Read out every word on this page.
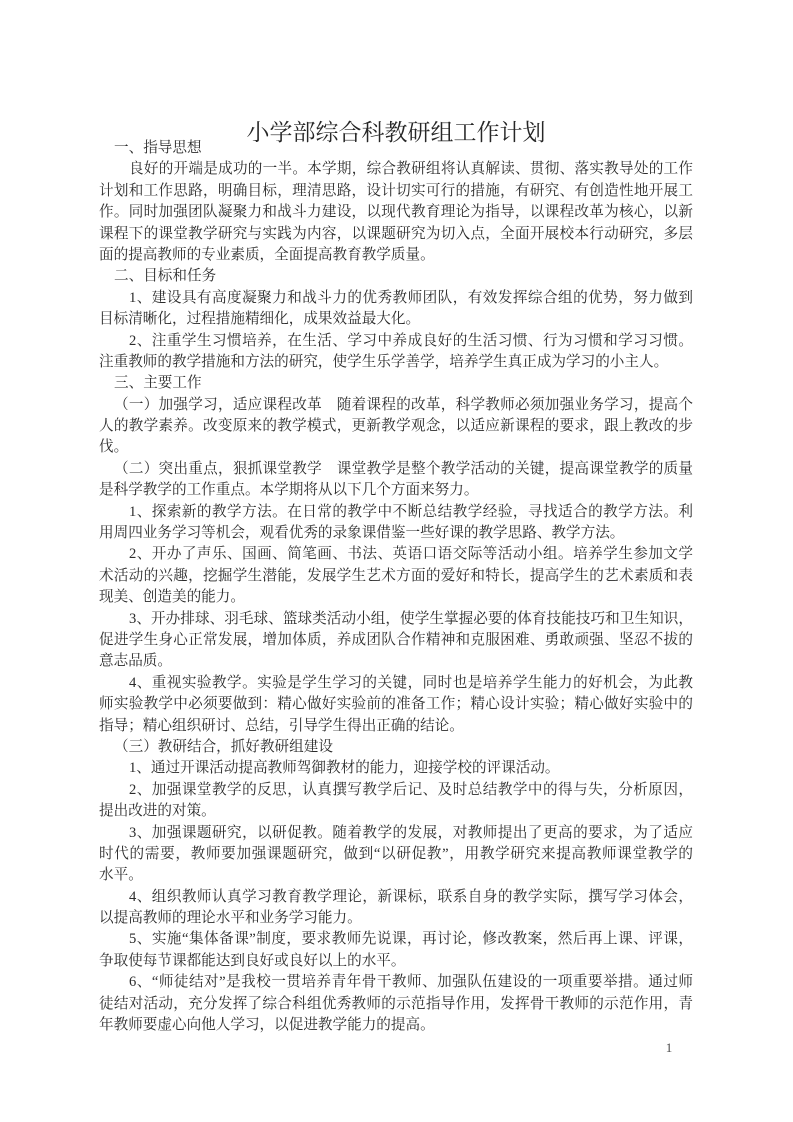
小学部综合科教研组工作计划
一、指导思想
良好的开端是成功的一半。本学期，综合教研组将认真解读、贯彻、落实教导处的工作
计划和工作思路，明确目标，理清思路，设计切实可行的措施，有研究、有创造性地开展工
作。同时加强团队凝聚力和战斗力建设，以现代教育理论为指导，以课程改革为核心，以新
课程下的课堂教学研究与实践为内容，以课题研究为切入点，全面开展校本行动研究，多层
面的提高教师的专业素质，全面提高教育教学质量。
二、目标和任务
1、建设具有高度凝聚力和战斗力的优秀教师团队，有效发挥综合组的优势，努力做到
目标清晰化，过程措施精细化，成果效益最大化。
2、注重学生习惯培养，在生活、学习中养成良好的生活习惯、行为习惯和学习习惯。
注重教师的教学措施和方法的研究，使学生乐学善学，培养学生真正成为学习的小主人。
三、主要工作
（一）加强学习，适应课程改革　随着课程的改革，科学教师必须加强业务学习，提高个
人的教学素养。改变原来的教学模式，更新教学观念，以适应新课程的要求，跟上教改的步
伐。
（二）突出重点，狠抓课堂教学　课堂教学是整个教学活动的关键，提高课堂教学的质量
是科学教学的工作重点。本学期将从以下几个方面来努力。
1、探索新的教学方法。在日常的教学中不断总结教学经验，寻找适合的教学方法。利
用周四业务学习等机会，观看优秀的录象课借鉴一些好课的教学思路、教学方法。
2、开办了声乐、国画、简笔画、书法、英语口语交际等活动小组。培养学生参加文学
术活动的兴趣，挖掘学生潜能，发展学生艺术方面的爱好和特长，提高学生的艺术素质和表
现美、创造美的能力。
3、开办排球、羽毛球、篮球类活动小组，使学生掌握必要的体育技能技巧和卫生知识，
促进学生身心正常发展，增加体质，养成团队合作精神和克服困难、勇敢顽强、坚忍不拔的
意志品质。
4、重视实验教学。实验是学生学习的关键，同时也是培养学生能力的好机会，为此教
师实验教学中必须要做到：精心做好实验前的准备工作；精心设计实验；精心做好实验中的
指导；精心组织研讨、总结，引导学生得出正确的结论。
（三）教研结合，抓好教研组建设
1、通过开课活动提高教师驾御教材的能力，迎接学校的评课活动。
2、加强课堂教学的反思，认真撰写教学后记、及时总结教学中的得与失，分析原因，
提出改进的对策。
3、加强课题研究，以研促教。随着教学的发展，对教师提出了更高的要求，为了适应
时代的需要，教师要加强课题研究，做到“以研促教”，用教学研究来提高教师课堂教学的
水平。
4、组织教师认真学习教育教学理论，新课标，联系自身的教学实际，撰写学习体会，
以提高教师的理论水平和业务学习能力。
5、实施“集体备课”制度，要求教师先说课，再讨论，修改教案，然后再上课、评课，
争取使每节课都能达到良好或良好以上的水平。
6、“师徒结对”是我校一贯培养青年骨干教师、加强队伍建设的一项重要举措。通过师
徒结对活动，充分发挥了综合科组优秀教师的示范指导作用，发挥骨干教师的示范作用，青
年教师要虚心向他人学习，以促进教学能力的提高。
1
